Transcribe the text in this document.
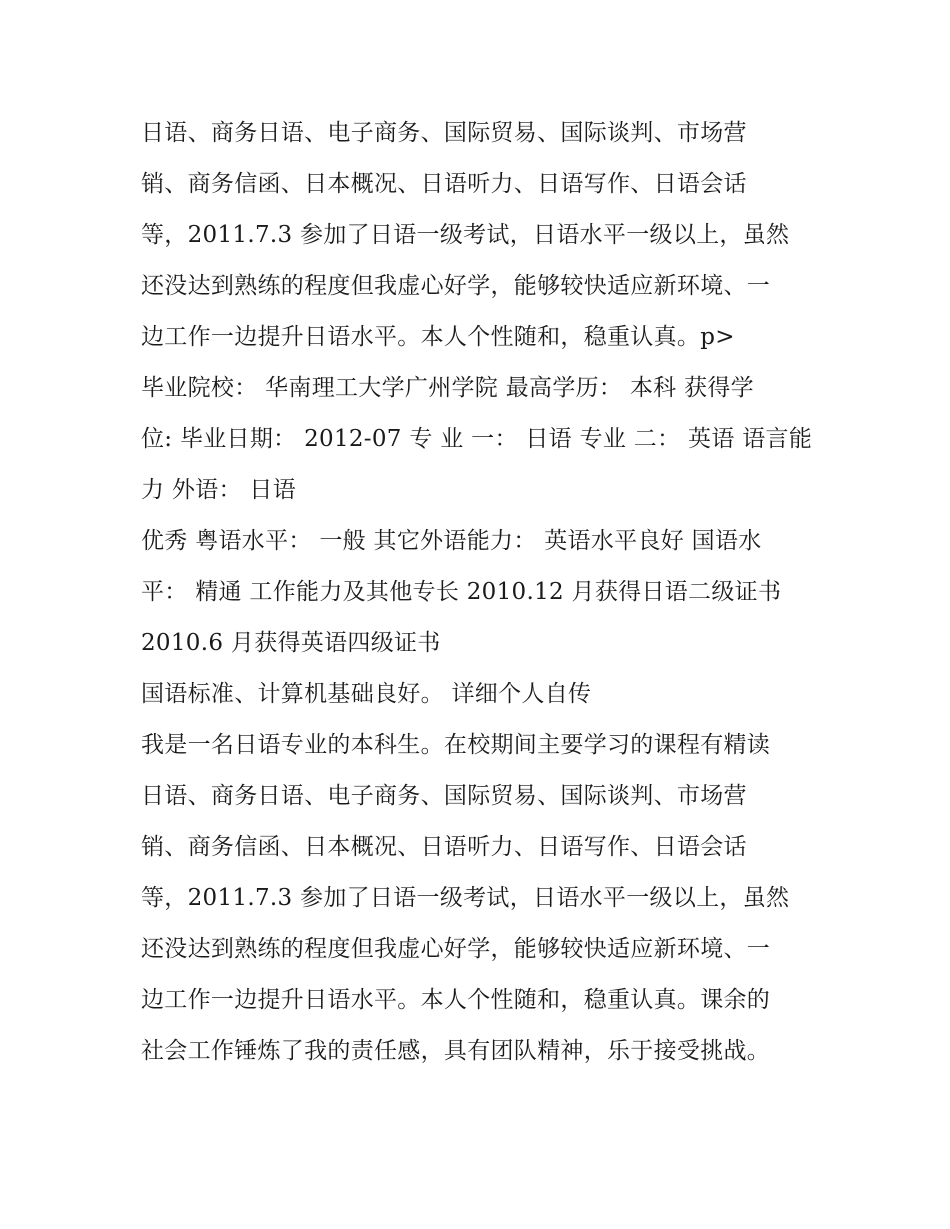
日语、商务日语、电子商务、国际贸易、国际谈判、市场营
销、商务信函、日本概况、日语听力、日语写作、日语会话
等，2011.7.3 参加了日语一级考试，日语水平一级以上，虽然
还没达到熟练的程度但我虚心好学，能够较快适应新环境、一
边工作一边提升日语水平。本人个性随和，稳重认真。p>
毕业院校： 华南理工大学广州学院 最高学历： 本科 获得学
位: 毕业日期： 2012-07 专 业 一： 日语 专业 二： 英语 语言能
力 外语： 日语
优秀 粤语水平： 一般 其它外语能力： 英语水平良好 国语水
平： 精通 工作能力及其他专长 2010.12 月获得日语二级证书
2010.6 月获得英语四级证书
国语标准、计算机基础良好。 详细个人自传
我是一名日语专业的本科生。在校期间主要学习的课程有精读
日语、商务日语、电子商务、国际贸易、国际谈判、市场营
销、商务信函、日本概况、日语听力、日语写作、日语会话
等，2011.7.3 参加了日语一级考试，日语水平一级以上，虽然
还没达到熟练的程度但我虚心好学，能够较快适应新环境、一
边工作一边提升日语水平。本人个性随和，稳重认真。课余的
社会工作锤炼了我的责任感，具有团队精神，乐于接受挑战。
